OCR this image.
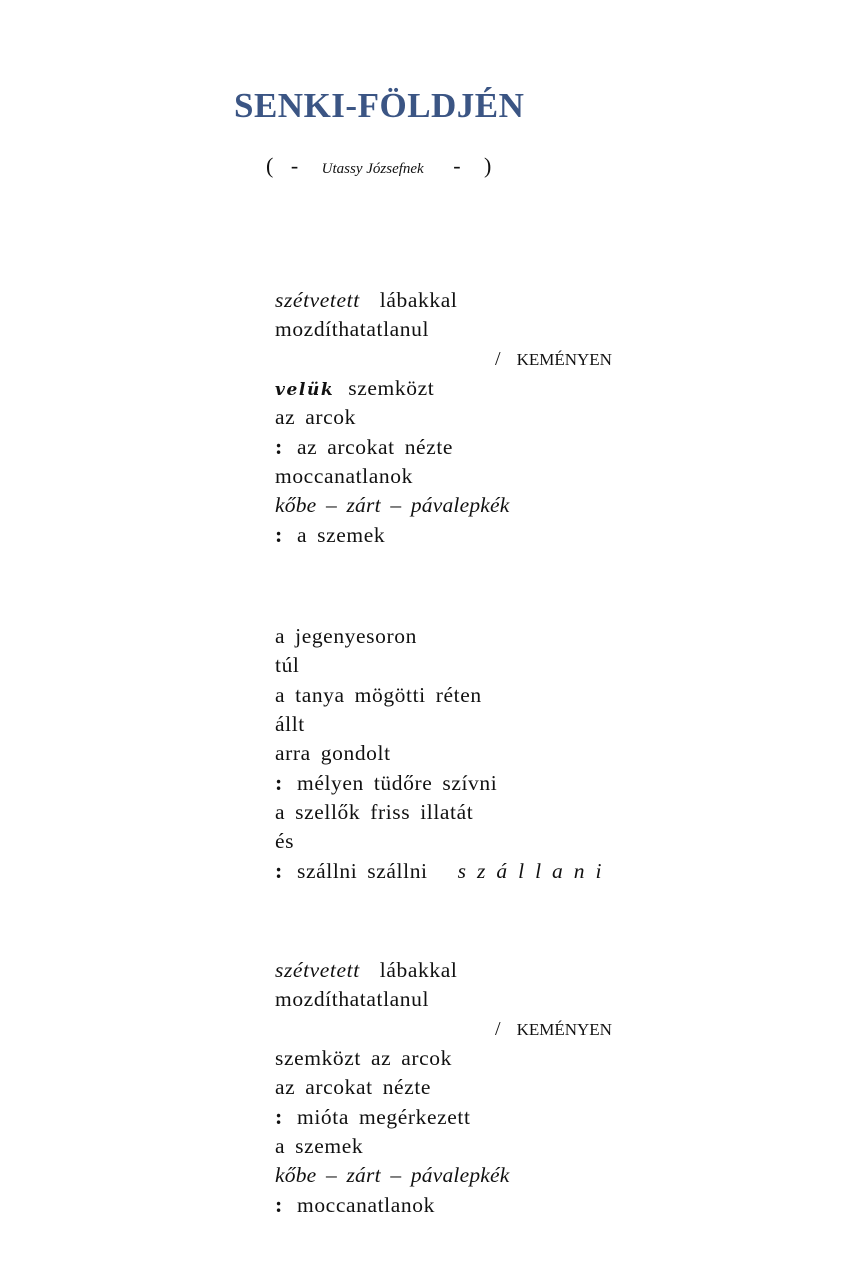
SENKI-FÖLDJÉN
( - Utassy Józsefnek - )
szétvetett lábakkal
mozdíthatatlanul
/ KEMÉNYEN
velük szemközt
az arcok
: az arcokat nézte
moccanatlanok
kőbe – zárt – pávalepkék
: a szemek
a jegenyesoron
túl
a tanya mögötti réten
állt
arra gondolt
: mélyen tüdőre szívni
a szellők friss illatát
és
: szállni szállni szállani
szétvetett lábakkal
mozdíthatatlanul
/ KEMÉNYEN
szemközt az arcok
az arcokat nézte
: mióta megérkezett
a szemek
kőbe – zárt – pávalepkék
: moccanatlanok
